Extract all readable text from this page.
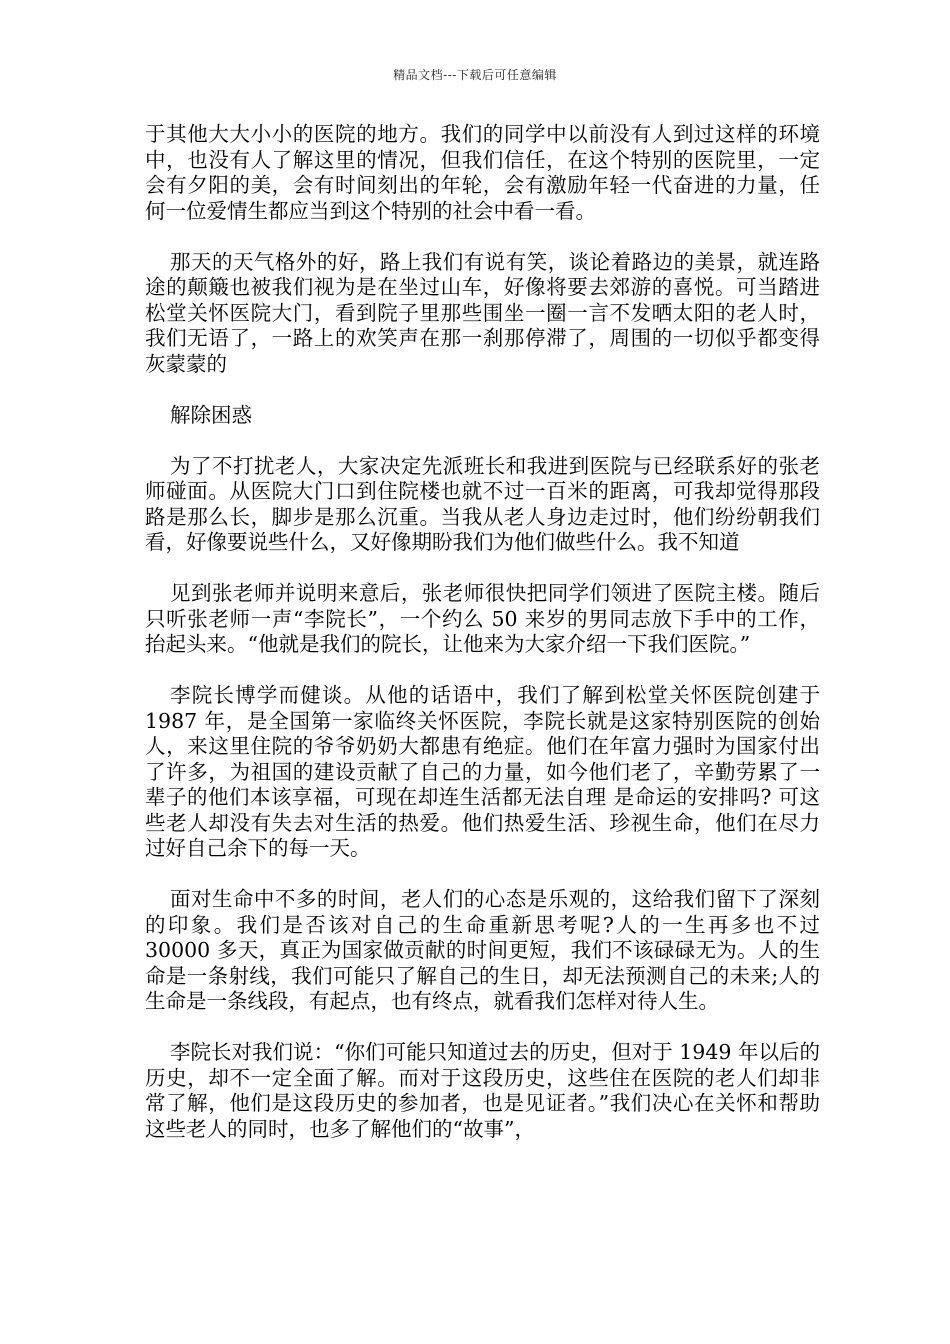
精品文档---下载后可任意编辑

于其他大大小小的医院的地方。我们的同学中以前没有人到过这样的环境中，也没有人了解这里的情况，但我们信任，在这个特别的医院里，一定会有夕阳的美，会有时间刻出的年轮，会有激励年轻一代奋进的力量，任何一位爱情生都应当到这个特别的社会中看一看。

那天的天气格外的好，路上我们有说有笑，谈论着路边的美景，就连路途的颠簸也被我们视为是在坐过山车，好像将要去郊游的喜悦。可当踏进松堂关怀医院大门，看到院子里那些围坐一圈一言不发晒太阳的老人时，我们无语了，一路上的欢笑声在那一刹那停滞了，周围的一切似乎都变得灰蒙蒙的

解除困惑

为了不打扰老人，大家决定先派班长和我进到医院与已经联系好的张老师碰面。从医院大门口到住院楼也就不过一百米的距离，可我却觉得那段路是那么长，脚步是那么沉重。当我从老人身边走过时，他们纷纷朝我们看，好像要说些什么，又好像期盼我们为他们做些什么。我不知道

见到张老师并说明来意后，张老师很快把同学们领进了医院主楼。随后只听张老师一声“李院长”，一个约么 50 来岁的男同志放下手中的工作，抬起头来。“他就是我们的院长，让他来为大家介绍一下我们医院。”

李院长博学而健谈。从他的话语中，我们了解到松堂关怀医院创建于 1987 年，是全国第一家临终关怀医院，李院长就是这家特别医院的创始人，来这里住院的爷爷奶奶大都患有绝症。他们在年富力强时为国家付出了许多，为祖国的建设贡献了自己的力量，如今他们老了，辛勤劳累了一辈子的他们本该享福，可现在却连生活都无法自理 是命运的安排吗? 可这些老人却没有失去对生活的热爱。他们热爱生活、珍视生命，他们在尽力过好自己余下的每一天。

面对生命中不多的时间，老人们的心态是乐观的，这给我们留下了深刻的印象。我们是否该对自己的生命重新思考呢?人的一生再多也不过 30000 多天，真正为国家做贡献的时间更短，我们不该碌碌无为。人的生命是一条射线，我们可能只了解自己的生日，却无法预测自己的未来;人的生命是一条线段，有起点，也有终点，就看我们怎样对待人生。

李院长对我们说：“你们可能只知道过去的历史，但对于 1949 年以后的历史，却不一定全面了解。而对于这段历史，这些住在医院的老人们却非常了解，他们是这段历史的参加者，也是见证者。”我们决心在关怀和帮助这些老人的同时，也多了解他们的“故事”，
